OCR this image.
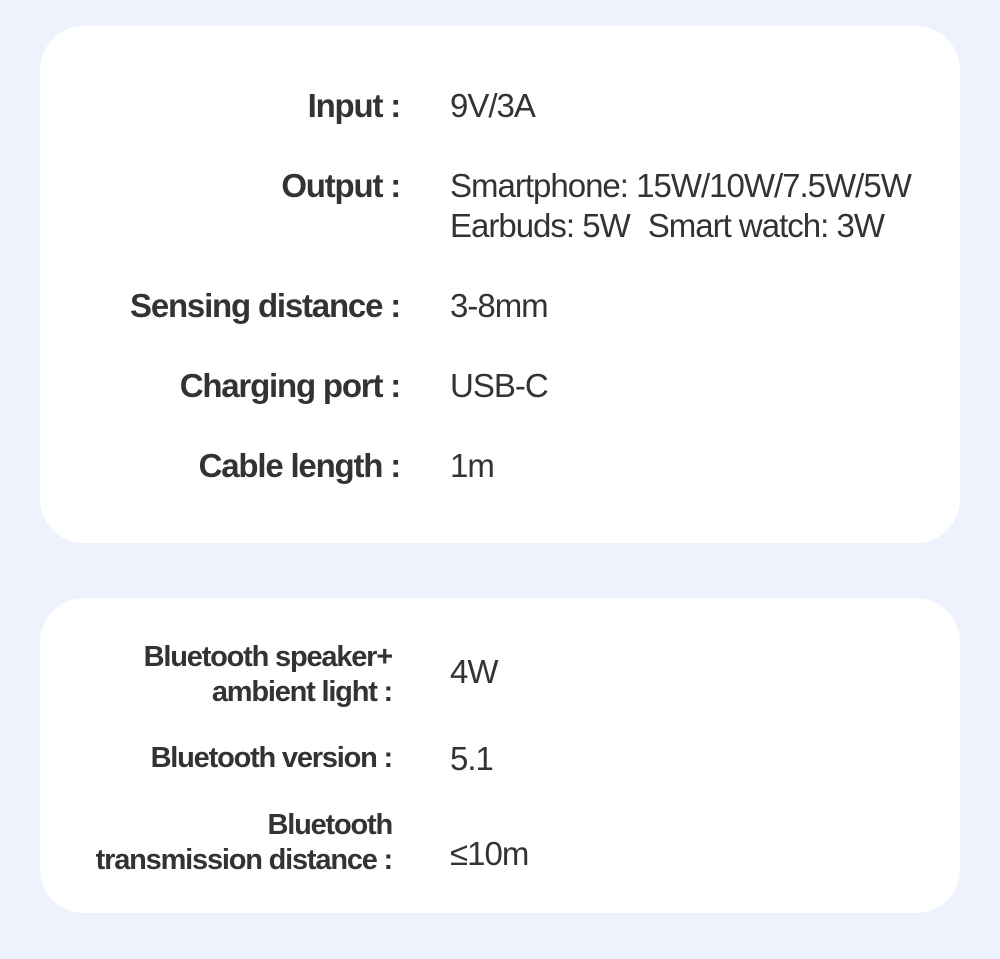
Input : 9V/3A
Output : Smartphone: 15W/10W/7.5W/5W
Earbuds: 5W Smart watch: 3W
Sensing distance : 3-8mm
Charging port : USB-C
Cable length : 1m
Bluetooth speaker+
ambient light :
4W
Bluetooth version : 5.1
Bluetooth
transmission distance : ≤10m
